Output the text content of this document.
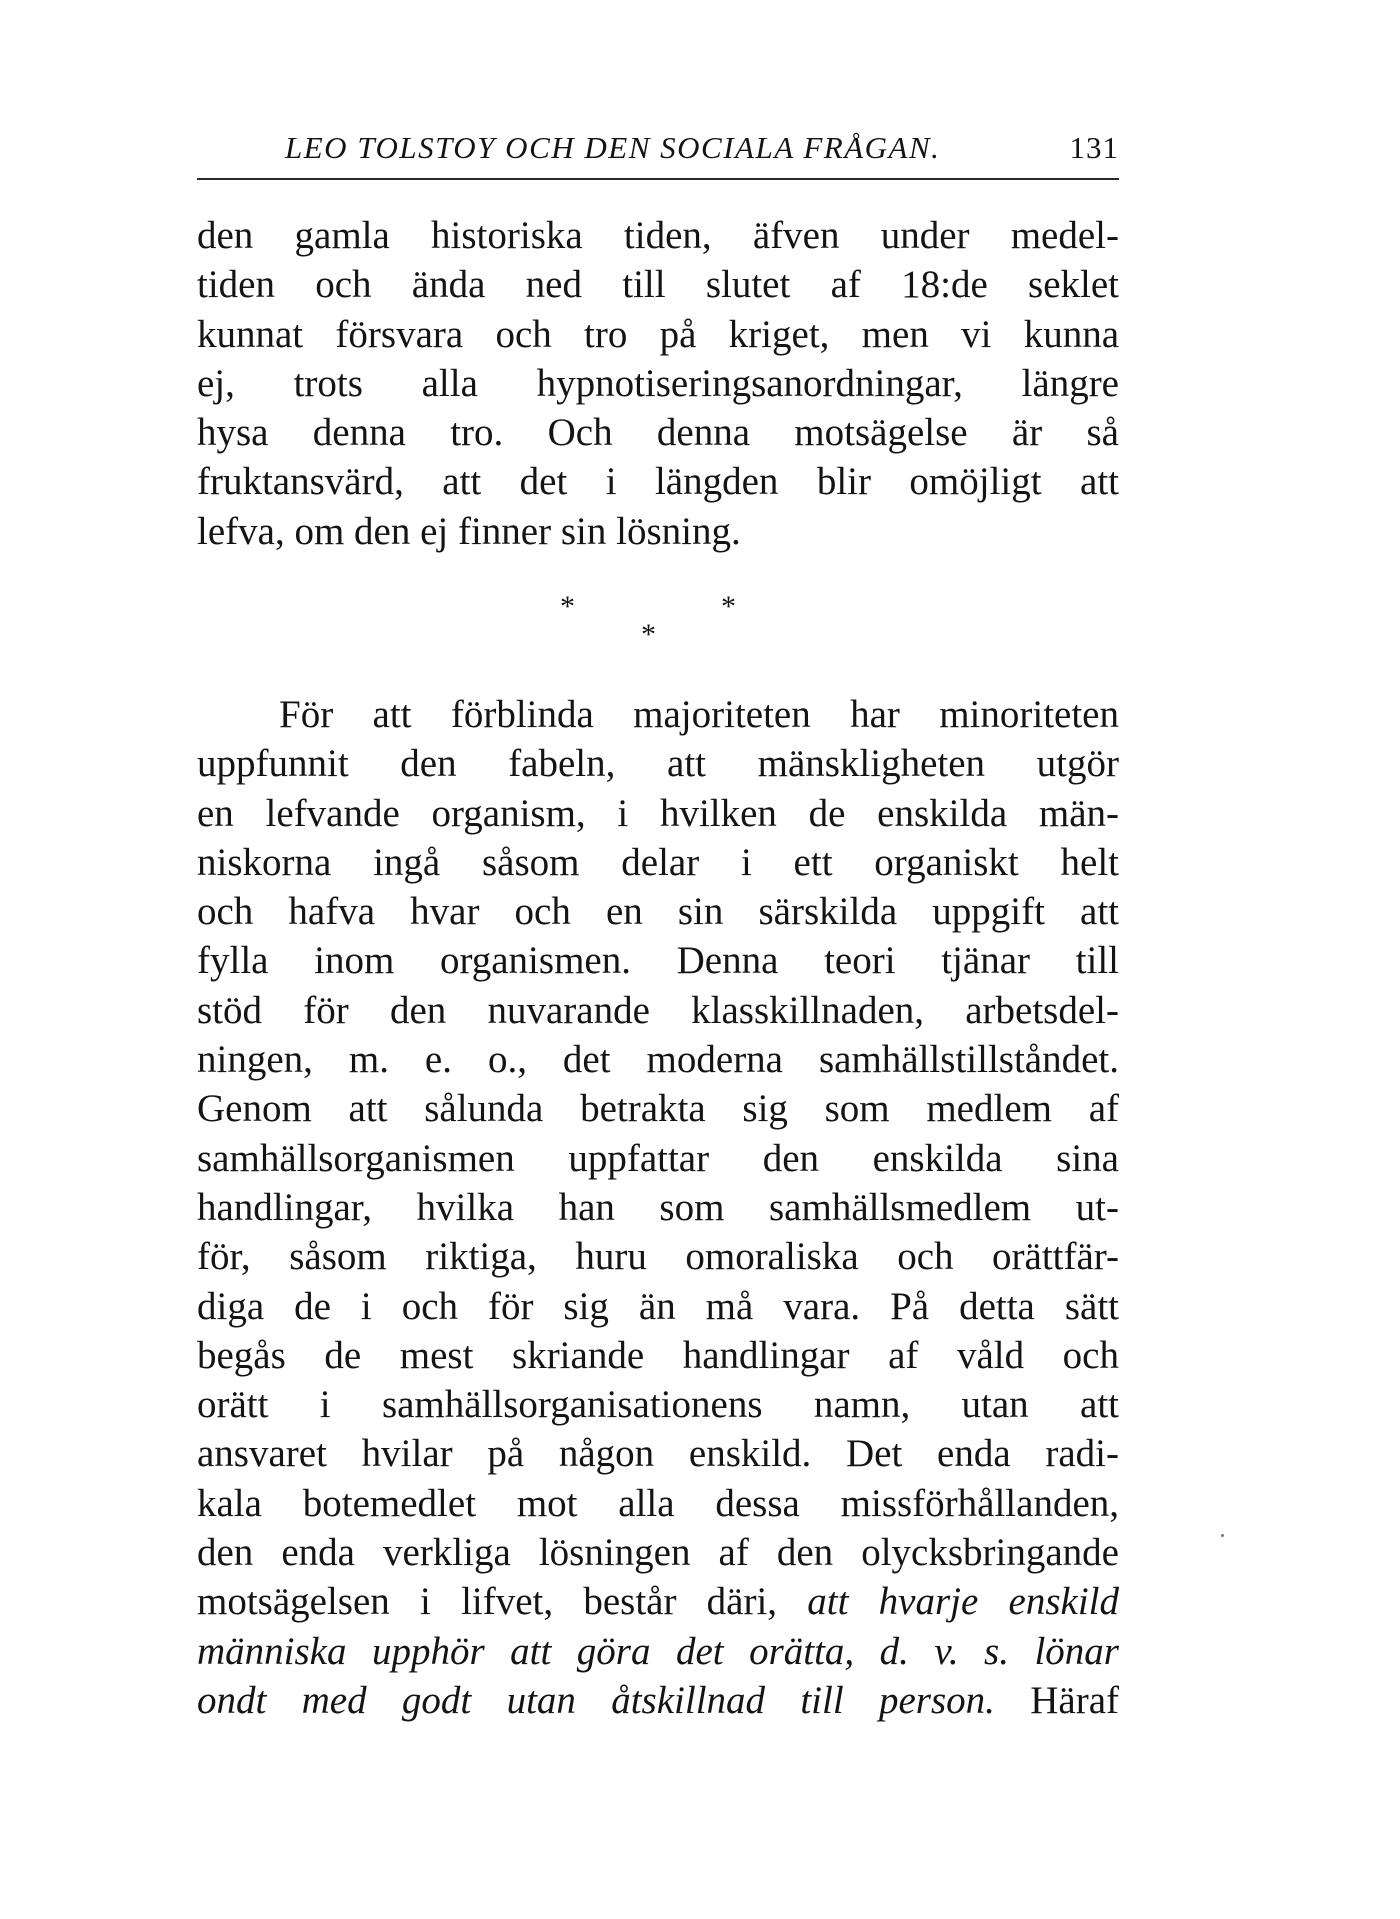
LEO TOLSTOY OCH DEN SOCIALA FRÅGAN.	131
den gamla historiska tiden, äfven under medel-
tiden och ända ned till slutet af 18:de seklet
kunnat försvara och tro på kriget, men vi kunna
ej, trots alla hypnotiseringsanordningar, längre
hysa denna tro. Och denna motsägelse är så
fruktansvärd, att det i längden blir omöjligt att
lefva, om den ej finner sin lösning.
*	*
*
För att förblinda majoriteten har minoriteten
uppfunnit den fabeln, att mänskligheten utgör
en lefvande organism, i hvilken de enskilda män-
niskorna ingå såsom delar i ett organiskt helt
och hafva hvar och en sin särskilda uppgift att
fylla inom organismen. Denna teori tjänar till
stöd för den nuvarande klasskillnaden, arbetsdel-
ningen, m. e. o., det moderna samhällstillståndet.
Genom att sålunda betrakta sig som medlem af
samhällsorganismen uppfattar den enskilda sina
handlingar, hvilka han som samhällsmedlem ut-
för, såsom riktiga, huru omoraliska och orättfär-
diga de i och för sig än må vara. På detta sätt
begås de mest skriande handlingar af våld och
orätt i samhällsorganisationens namn, utan att
ansvaret hvilar på någon enskild. Det enda radi-
kala botemedlet mot alla dessa missförhållanden,
den enda verkliga lösningen af den olycksbringande
motsägelsen i lifvet, består däri, att hvarje enskild
människa upphör att göra det orätta, d. v. s. lönar
ondt med godt utan åtskillnad till person. Häraf
